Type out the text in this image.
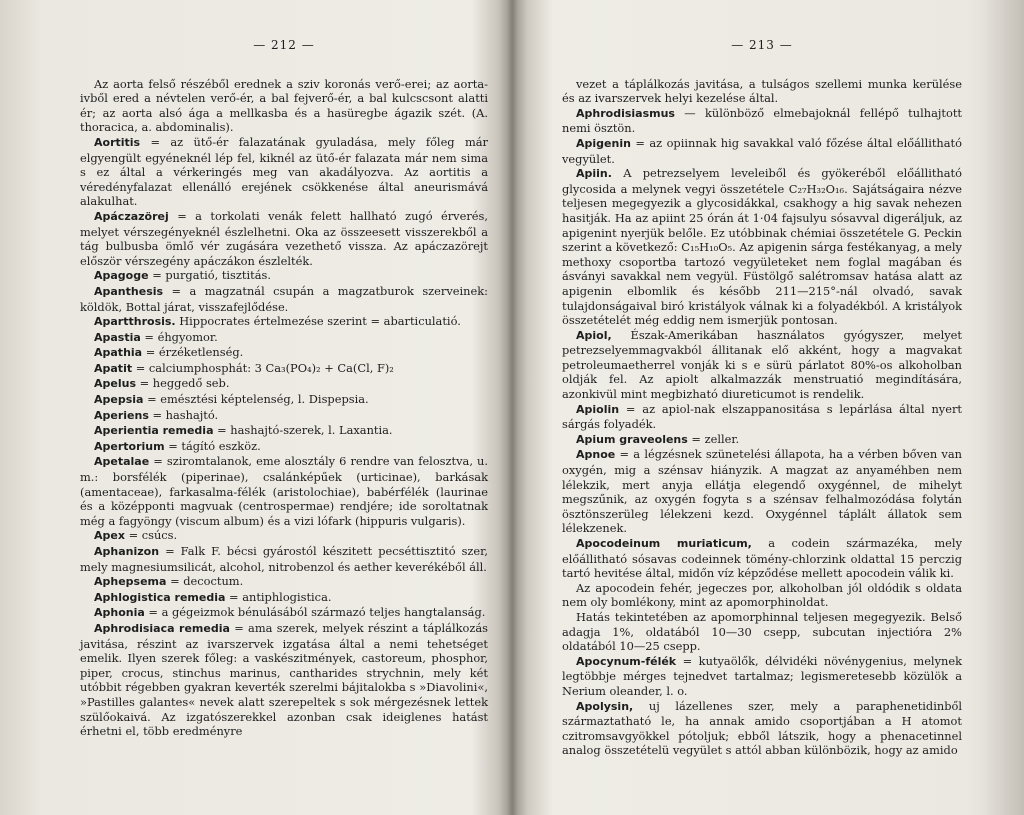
— 212 —

Az aorta felső részéből erednek a sziv koronás verő-erei; az aorta-ivből ered a névtelen verő-ér, a bal fejverő-ér, a bal kulcscsont alatti ér; az aorta alsó ága a mellkasba és a hasüregbe ágazik szét. (A. thoracica, a. abdominalis).

Aortitis = az ütő-ér falazatának gyuladása, mely főleg már elgyengült egyéneknél lép fel, kiknél az ütő-ér falazata már nem sima s ez által a vérkeringés meg van akadályozva. Az aortitis a véredényfalazat ellenálló erejének csökkenése által aneurismává alakulhat.

Apáczazörej = a torkolati venák felett hallható zugó érverés, melyet vérszegényeknél észlelhetni. Oka az összeesett visszerekből a tág bulbusba ömlő vér zugására vezethető vissza. Az apáczazörejt először vérszegény apáczákon észlelték.

Apagoge = purgatió, tisztitás.

Apanthesis = a magzatnál csupán a magzatburok szerveinek: köldök, Bottal járat, visszafejlődése.

Apartthrosis. Hippocrates értelmezése szerint = abarticulatió.

Apastia = éhgyomor.

Apathia = érzéketlenség.

Apatit = calciumphosphát: 3 Ca₃(PO₄)₂ + Ca(Cl, F)₂

Apelus = heggedő seb.

Apepsia = emésztési képtelenség, l. Dispepsia.

Aperiens = hashajtó.

Aperientia remedia = hashajtó-szerek, l. Laxantia.

Apertorium = tágító eszköz.

Apetalae = sziromtalanok, eme alosztály 6 rendre van felosztva, u. m.: borsfélék (piperinae), csalánképűek (urticinae), barkásak (amentaceae), farkasalma-félék (aristolochiae), babérfélék (laurinae és a középponti magvuak (centrospermae) rendjére; ide soroltatnak még a fagyöngy (viscum album) és a vizi lófark (hippuris vulgaris).

Apex = csúcs.

Aphanizon = Falk F. bécsi gyárostól készitett pecséttisztitó szer, mely magnesiumsilicát, alcohol, nitrobenzol és aether keverékéből áll.

Aphepsema = decoctum.

Aphlogistica remedia = antiphlogistica.

Aphonia = a gégeizmok bénulásából származó teljes hangtalanság.

Aphrodisiaca remedia = ama szerek, melyek részint a táplálkozás javitása, részint az ivarszervek izgatása által a nemi tehetséget emelik. Ilyen szerek főleg: a vaskészitmények, castoreum, phosphor, piper, crocus, stinchus marinus, cantharides strychnin, mely két utóbbit régebben gyakran keverték szerelmi bájitalokba s »Diavolini«, »Pastilles galantes« nevek alatt szerepeltek s sok mérgezésnek lettek szülőokaivá. Az izgatószerekkel azonban csak ideiglenes hatást érhetni el, több eredményre

— 213 —

vezet a táplálkozás javitása, a tulságos szellemi munka kerülése és az ivarszervek helyi kezelése által.

Aphrodisiasmus — különböző elmebajoknál fellépő tulhajtott nemi ösztön.

Apigenin = az opiinnak hig savakkal való főzése által előállitható vegyület.

Apiin. A petrezselyem leveleiből és gyökeréből előállitható glycosida a melynek vegyi összetétele C₂₇H₃₂O₁₆. Sajátságaira nézve teljesen megegyezik a glycosidákkal, csakhogy a hig savak nehezen hasitják. Ha az apiint 25 órán át 1·04 fajsulyu sósavval digeráljuk, az apigenint nyerjük belőle. Ez utóbbinak chémiai összetétele G. Peckin szerint a következő: C₁₅H₁₀O₅. Az apigenin sárga festékanyag, a mely methoxy csoportba tartozó vegyületeket nem foglal magában és ásványi savakkal nem vegyül. Füstölgő salétromsav hatása alatt az apigenin elbomlik és később 211—215°-nál olvadó, savak tulajdonságaival biró kristályok válnak ki a folyadékból. A kristályok összetételét még eddig nem ismerjük pontosan.

Apiol, Észak-Amerikában használatos gyógyszer, melyet petrezselyemmagvakból állitanak elő akként, hogy a magvakat petroleumaetherrel vonják ki s e sürü párlatot 80%-os alkoholban oldják fel. Az apiolt alkalmazzák menstruatió megindítására, azonkivül mint megbizható diureticumot is rendelik.

Apiolin = az apiol-nak elszappanositása s lepárlása által nyert sárgás folyadék.

Apium graveolens = zeller.

Apnoe = a légzésnek szünetelési állapota, ha a vérben bőven van oxygén, mig a szénsav hiányzik. A magzat az anyaméhben nem lélekzik, mert anyja ellátja elegendő oxygénnel, de mihelyt megszűnik, az oxygén fogyta s a szénsav felhalmozódása folytán ösztönszerüleg lélekzeni kezd. Oxygénnel táplált állatok sem lélekzenek.

Apocodeinum muriaticum, a codein származéka, mely előállitható sósavas codeinnek tömény-chlorzink oldattal 15 perczig tartó hevitése által, midőn víz képződése mellett apocodein válik ki.

Az apocodein fehér, jegeczes por, alkoholban jól oldódik s oldata nem oly bomlékony, mint az apomorphinoldat.

Hatás tekintetében az apomorphinnal teljesen megegyezik. Belső adagja 1%, oldatából 10—30 csepp, subcutan injectióra 2% oldatából 10—25 csepp.

Apocynum-félék = kutyaölők, délvidéki növénygenius, melynek legtöbbje mérges tejnedvet tartalmaz; legismeretesebb közülök a Nerium oleander, l. o.

Apolysin, uj lázellenes szer, mely a paraphenetidinből származtatható le, ha annak amido csoportjában a H atomot czitromsavgyökkel pótoljuk; ebből látszik, hogy a phenacetinnel analog összetételü vegyület s attól abban különbözik, hogy az amido
